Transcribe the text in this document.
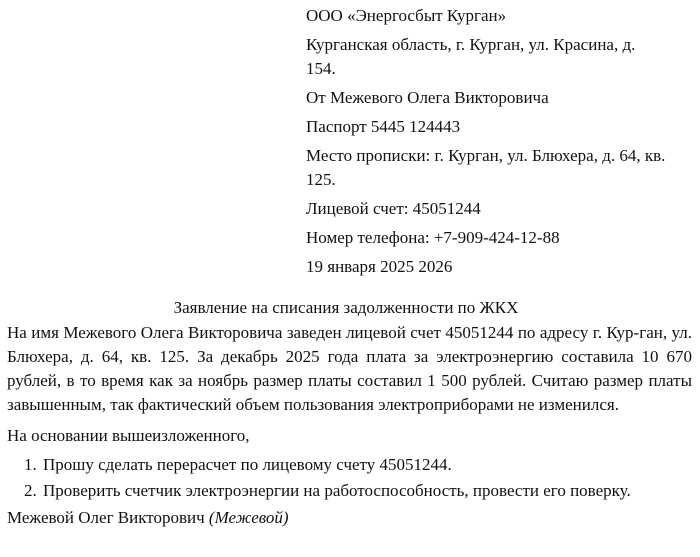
ООО «Энергосбыт Курган»

Курганская область, г. Курган, ул. Красина, д.

154.

От Межевого Олега Викторовича

Паспорт 5445 124443

Место прописки: г. Курган, ул. Блюхера, д. 64, кв.

125.

Лицевой счет: 45051244

Номер телефона: +7-909-424-12-88

19 января 2025 2026

Заявление на списания задолженности по ЖКХ

На имя Межевого Олега Викторовича заведен лицевой счет 45051244 по адресу г. Кур-ган, ул. Блюхера, д. 64, кв. 125. За декабрь 2025 года плата за электроэнергию составила 10 670 рублей, в то время как за ноябрь размер платы составил 1 500 рублей. Считаю размер платы завышенным, так фактический объем пользования электроприборами не изменился.

На основании вышеизложенного,

1. Прошу сделать перерасчет по лицевому счету 45051244.
2. Проверить счетчик электроэнергии на работоспособность, провести его поверку.

Межевой Олег Викторович (Межевой)
